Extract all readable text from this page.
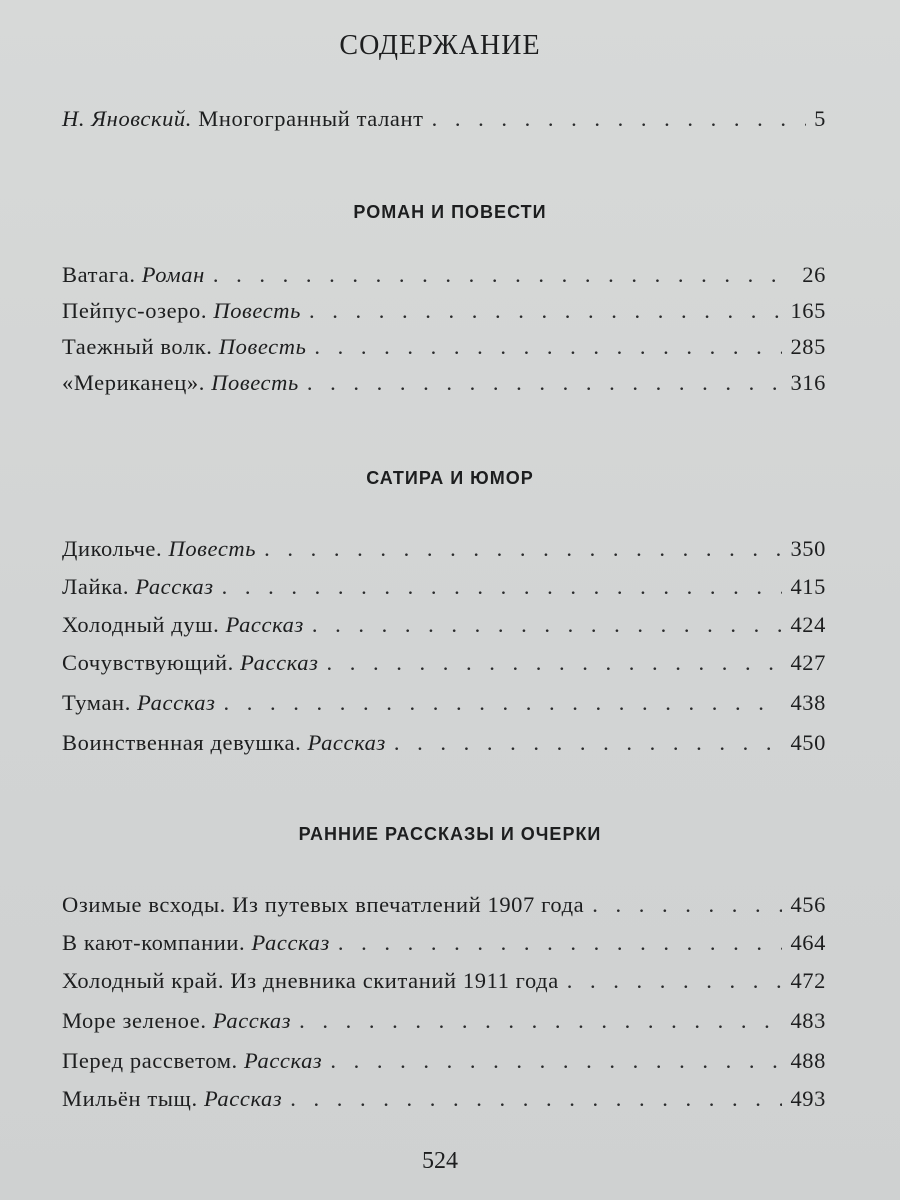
СОДЕРЖАНИЕ
Н. Яновский. Многогранный талант . . .	5
РОМАН И ПОВЕСТИ
Ватага. Роман . . .	26
Пейпус-озеро. Повесть . . .	165
Таежный волк. Повесть . . .	285
«Мериканец». Повесть . . .	316
САТИРА И ЮМОР
Дикольче. Повесть . . .	350
Лайка. Рассказ . . .	415
Холодный душ. Рассказ . . .	424
Сочувствующий. Рассказ . . .	427
Туман. Рассказ . . .	438
Воинственная девушка. Рассказ . . .	450
РАННИЕ РАССКАЗЫ И ОЧЕРКИ
Озимые всходы. Из путевых впечатлений 1907 года . . .	456
В кают-компании. Рассказ . . .	464
Холодный край. Из дневника скитаний 1911 года . . .	472
Море зеленое. Рассказ . . .	483
Перед рассветом. Рассказ . . .	488
Мильён тыщ. Рассказ . . .	493
524
